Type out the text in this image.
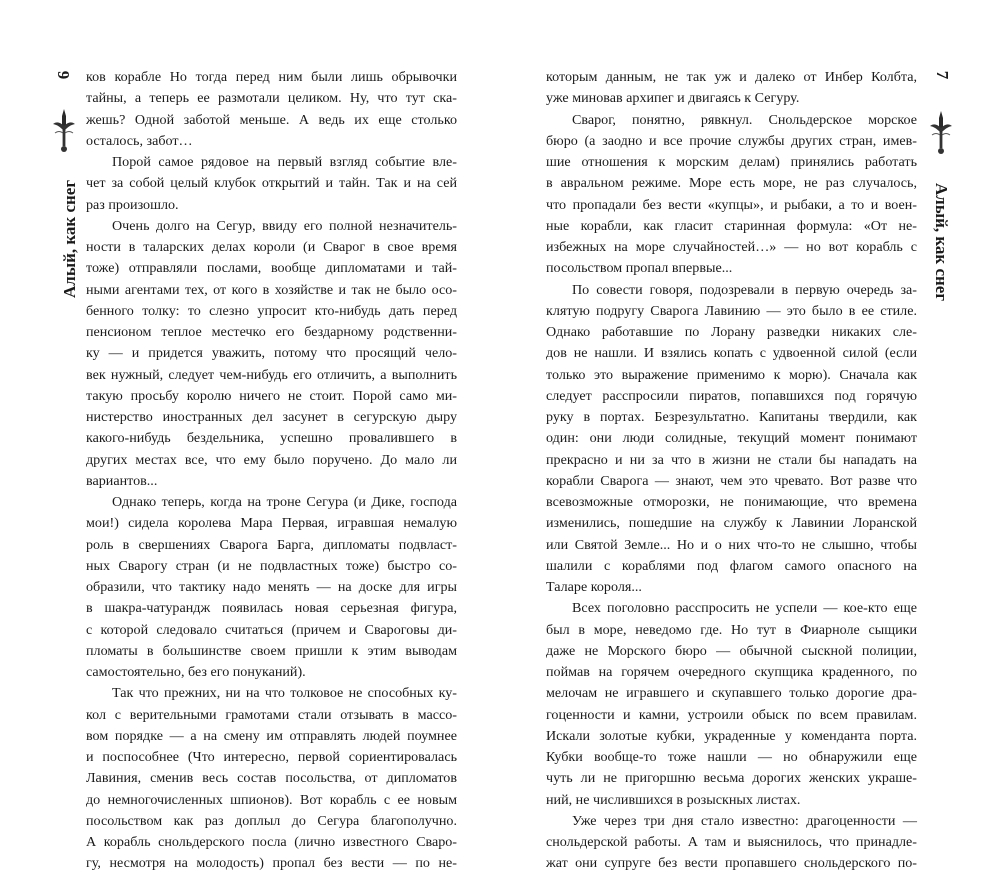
6
Алый, как снег
ков корабле Но тогда перед ним были лишь обрывочки
тайны, а теперь ее размотали целиком. Ну, что тут ска-
жешь? Одной заботой меньше. А ведь их еще столько
осталось, забот…
Порой самое рядовое на первый взгляд событие вле-
чет за собой целый клубок открытий и тайн. Так и на сей
раз произошло.
Очень долго на Сегур, ввиду его полной незначитель-
ности в таларских делах короли (и Сварог в свое время
тоже) отправляли послами, вообще дипломатами и тай-
ными агентами тех, от кого в хозяйстве и так не было осо-
бенного толку: то слезно упросит кто-нибудь дать перед
пенсионом теплое местечко его бездарному родственни-
ку — и придется уважить, потому что просящий чело-
век нужный, следует чем-нибудь его отличить, а выполнить
такую просьбу королю ничего не стоит. Порой само ми-
нистерство иностранных дел засунет в сегурскую дыру
какого-нибудь бездельника, успешно провалившего в
других местах все, что ему было поручено. До мало ли
вариантов...
Однако теперь, когда на троне Сегура (и Дике, господа
мои!) сидела королева Мара Первая, игравшая немалую
роль в свершениях Сварога Барга, дипломаты подвласт-
ных Сварогу стран (и не подвластных тоже) быстро со-
образили, что тактику надо менять — на доске для игры
в шакра-чатурандж появилась новая серьезная фигура,
с которой следовало считаться (причем и Свароговы ди-
пломаты в большинстве своем пришли к этим выводам
самостоятельно, без его понуканий).
Так что прежних, ни на что толковое не способных ку-
кол с верительными грамотами стали отзывать в массо-
вом порядке — а на смену им отправлять людей поумнее
и поспособнее (Что интересно, первой сориентировалась
Лавиния, сменив весь состав посольства, от дипломатов
до немногочисленных шпионов). Вот корабль с ее новым
посольством как раз доплыл до Сегура благополучно.
А корабль снольдерского посла (лично известного Сваро-
гу, несмотря на молодость) пропал без вести — по не-
7
Алый, как снег
которым данным, не так уж и далеко от Инбер Колбта,
уже миновав архипег и двигаясь к Сегуру.
Сварог, понятно, рявкнул. Снольдерское морское
бюро (а заодно и все прочие службы других стран, имев-
шие отношения к морским делам) принялись работать
в авральном режиме. Море есть море, не раз случалось,
что пропадали без вести «купцы», и рыбаки, а то и воен-
ные корабли, как гласит старинная формула: «От не-
избежных на море случайностей…» — но вот корабль с
посольством пропал впервые...
По совести говоря, подозревали в первую очередь за-
клятую подругу Сварога Лавинию — это было в ее стиле.
Однако работавшие по Лорану разведки никаких сле-
дов не нашли. И взялись копать с удвоенной силой (если
только это выражение применимо к морю). Сначала как
следует расспросили пиратов, попавшихся под горячую
руку в портах. Безрезультатно. Капитаны твердили, как
один: они люди солидные, текущий момент понимают
прекрасно и ни за что в жизни не стали бы нападать на
корабли Сварога — знают, чем это чревато. Вот разве что
всевозможные отморозки, не понимающие, что времена
изменились, пошедшие на службу к Лавинии Лоранской
или Святой Земле... Но и о них что-то не слышно, чтобы
шалили с кораблями под флагом самого опасного на
Таларе короля...
Всех поголовно расспросить не успели — кое-кто еще
был в море, неведомо где. Но тут в Фиарноле сыщики
даже не Морского бюро — обычной сыскной полиции,
поймав на горячем очередного скупщика краденного, по
мелочам не игравшего и скупавшего только дорогие дра-
гоценности и камни, устроили обыск по всем правилам.
Искали золотые кубки, украденные у коменданта порта.
Кубки вообще-то тоже нашли — но обнаружили еще
чуть ли не пригоршню весьма дорогих женских украше-
ний, не числившихся в розыскных листах.
Уже через три дня стало известно: драгоценности —
снольдерской работы. А там и выяснилось, что принадле-
жат они супруге без вести пропавшего снольдерского по-
